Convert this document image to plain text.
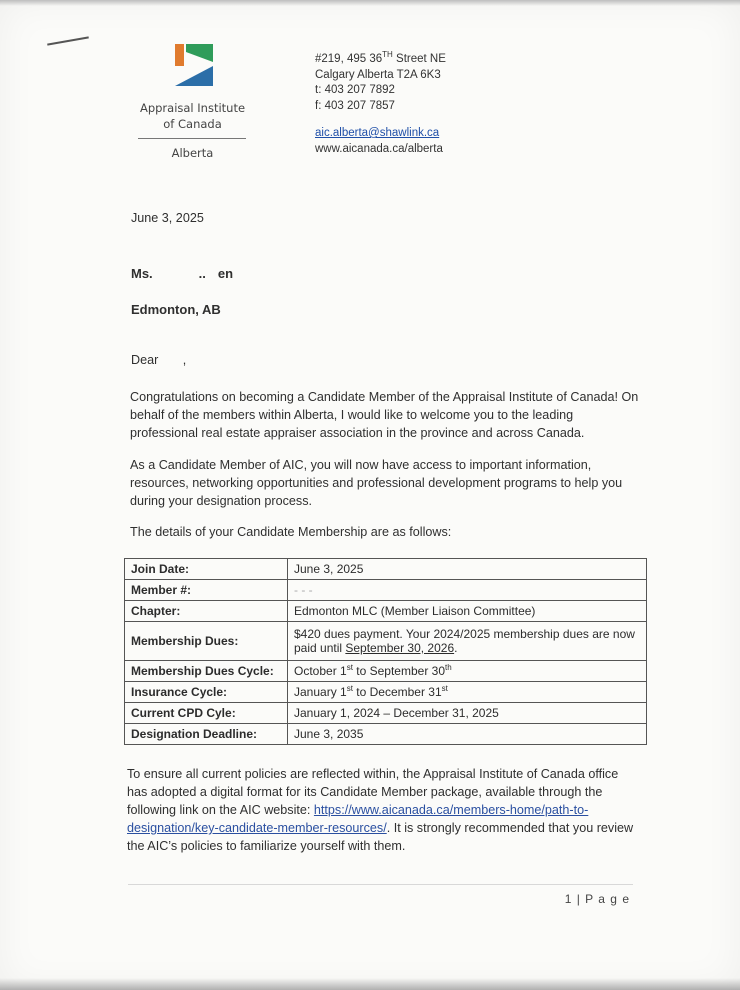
Appraisal Institute
of Canada
Alberta
#219, 495 36TH Street NE
Calgary Alberta T2A 6K3
t: 403 207 7892
f: 403 207 7857
aic.alberta@shawlink.ca
www.aicanada.ca/alberta
June 3, 2025
Ms.	.. en
Edmonton, AB
Dear       ,
Congratulations on becoming a Candidate Member of the Appraisal Institute of Canada! On behalf of the members within Alberta, I would like to welcome you to the leading professional real estate appraiser association in the province and across Canada.
As a Candidate Member of AIC, you will now have access to important information, resources, networking opportunities and professional development programs to help you during your designation process.
The details of your Candidate Membership are as follows:
Join Date:	June 3, 2025
Member #:	- - -
Chapter:	Edmonton MLC (Member Liaison Committee)
Membership Dues:	$420 dues payment. Your 2024/2025 membership dues are now paid until September 30, 2026.
Membership Dues Cycle:	October 1st to September 30th
Insurance Cycle:	January 1st to December 31st
Current CPD Cyle:	January 1, 2024 – December 31, 2025
Designation Deadline:	June 3, 2035
To ensure all current policies are reflected within, the Appraisal Institute of Canada office has adopted a digital format for its Candidate Member package, available through the following link on the AIC website: https://www.aicanada.ca/members-home/path-to-designation/key-candidate-member-resources/. It is strongly recommended that you review the AIC’s policies to familiarize yourself with them.
1 | P a g e
